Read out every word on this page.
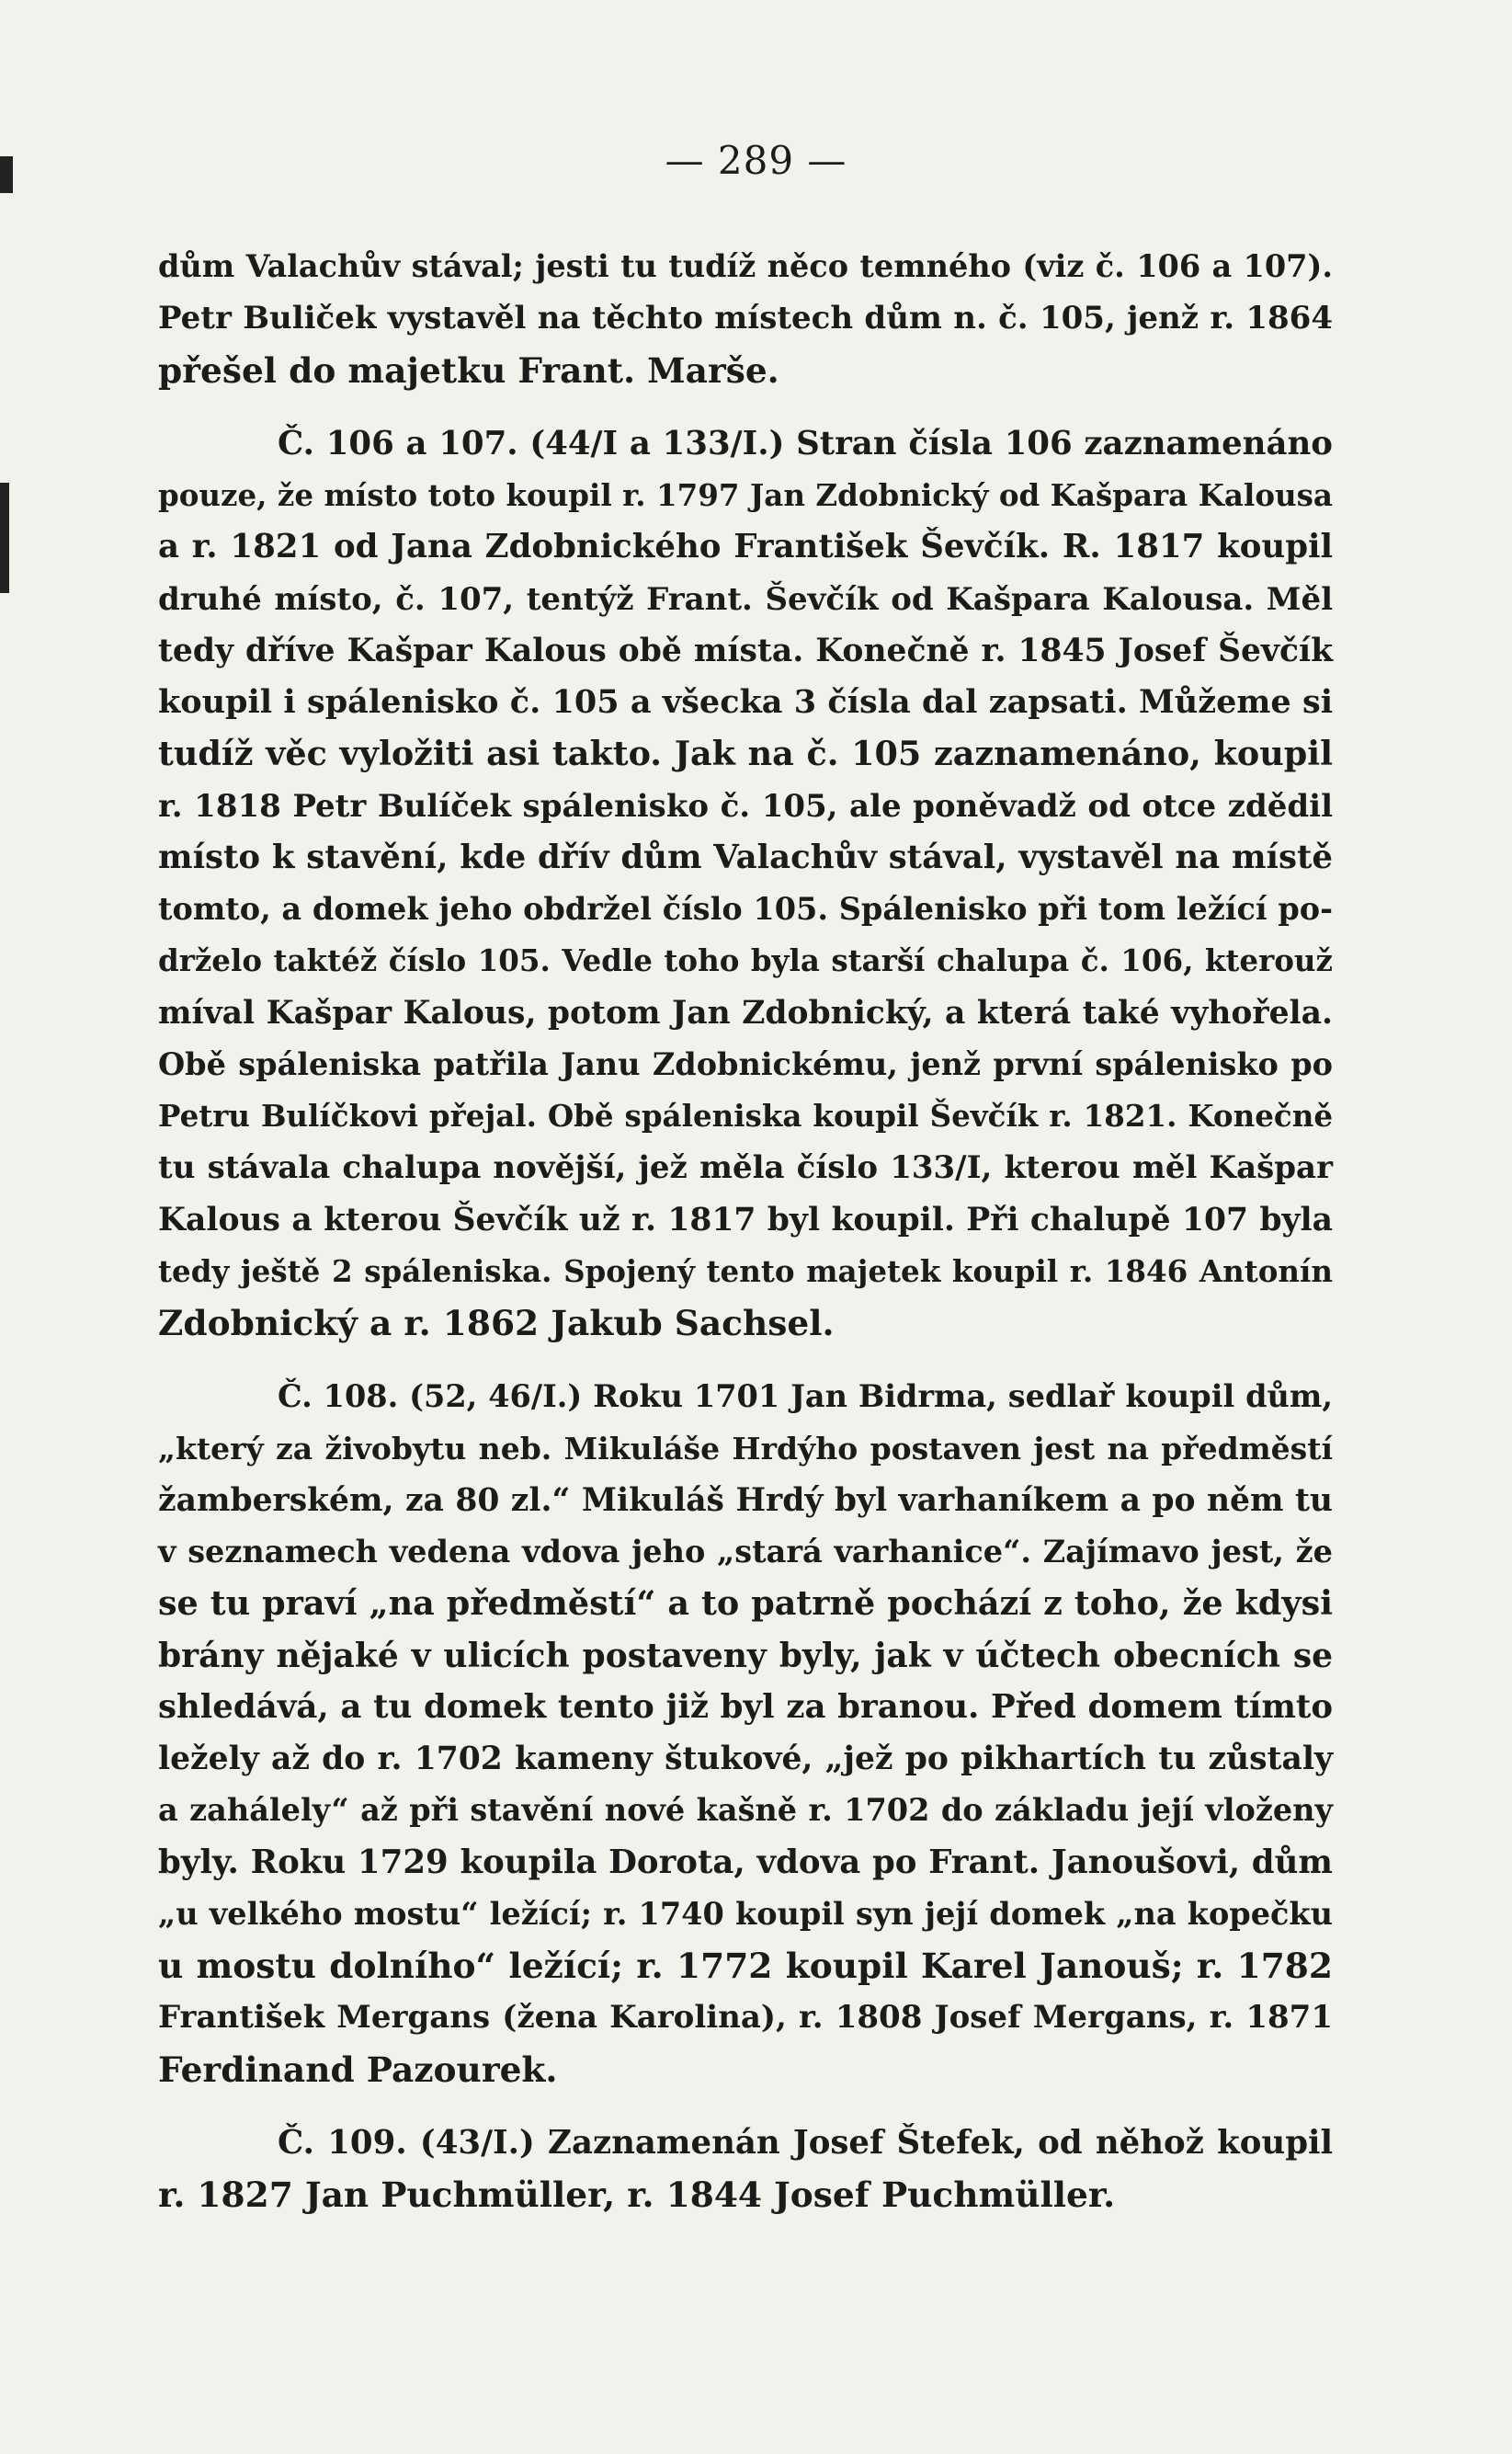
— 289 —
dům Valachův stával; jesti tu tudíž něco temného (viz č. 106 a 107).
Petr Buliček vystavěl na těchto místech dům n. č. 105, jenž r. 1864
přešel do majetku Frant. Marše.
Č. 106 a 107. (44/I a 133/I.) Stran čísla 106 zaznamenáno
pouze, že místo toto koupil r. 1797 Jan Zdobnický od Kašpara Kalousa
a r. 1821 od Jana Zdobnického František Ševčík. R. 1817 koupil
druhé místo, č. 107, tentýž Frant. Ševčík od Kašpara Kalousa. Měl
tedy dříve Kašpar Kalous obě místa. Konečně r. 1845 Josef Ševčík
koupil i spálenisko č. 105 a všecka 3 čísla dal zapsati. Můžeme si
tudíž věc vyložiti asi takto. Jak na č. 105 zaznamenáno, koupil
r. 1818 Petr Bulíček spálenisko č. 105, ale poněvadž od otce zdědil
místo k stavění, kde dřív dům Valachův stával, vystavěl na místě
tomto, a domek jeho obdržel číslo 105. Spálenisko při tom ležící po-
drželo taktéž číslo 105. Vedle toho byla starší chalupa č. 106, kterouž
míval Kašpar Kalous, potom Jan Zdobnický, a která také vyhořela.
Obě spáleniska patřila Janu Zdobnickému, jenž první spálenisko po
Petru Bulíčkovi přejal. Obě spáleniska koupil Ševčík r. 1821. Konečně
tu stávala chalupa novější, jež měla číslo 133/I, kterou měl Kašpar
Kalous a kterou Ševčík už r. 1817 byl koupil. Při chalupě 107 byla
tedy ještě 2 spáleniska. Spojený tento majetek koupil r. 1846 Antonín
Zdobnický a r. 1862 Jakub Sachsel.
Č. 108. (52, 46/I.) Roku 1701 Jan Bidrma, sedlař koupil dům,
„který za živobytu neb. Mikuláše Hrdýho postaven jest na předměstí
žamberském, za 80 zl.“ Mikuláš Hrdý byl varhaníkem a po něm tu
v seznamech vedena vdova jeho „stará varhanice“. Zajímavo jest, že
se tu praví „na předměstí“ a to patrně pochází z toho, že kdysi
brány nějaké v ulicích postaveny byly, jak v účtech obecních se
shledává, a tu domek tento již byl za branou. Před domem tímto
ležely až do r. 1702 kameny štukové, „jež po pikhartích tu zůstaly
a zahálely“ až při stavění nové kašně r. 1702 do základu její vloženy
byly. Roku 1729 koupila Dorota, vdova po Frant. Janoušovi, dům
„u velkého mostu“ ležící; r. 1740 koupil syn její domek „na kopečku
u mostu dolního“ ležící; r. 1772 koupil Karel Janouš; r. 1782
František Mergans (žena Karolina), r. 1808 Josef Mergans, r. 1871
Ferdinand Pazourek.
Č. 109. (43/I.) Zaznamenán Josef Štefek, od něhož koupil
r. 1827 Jan Puchmüller, r. 1844 Josef Puchmüller.
